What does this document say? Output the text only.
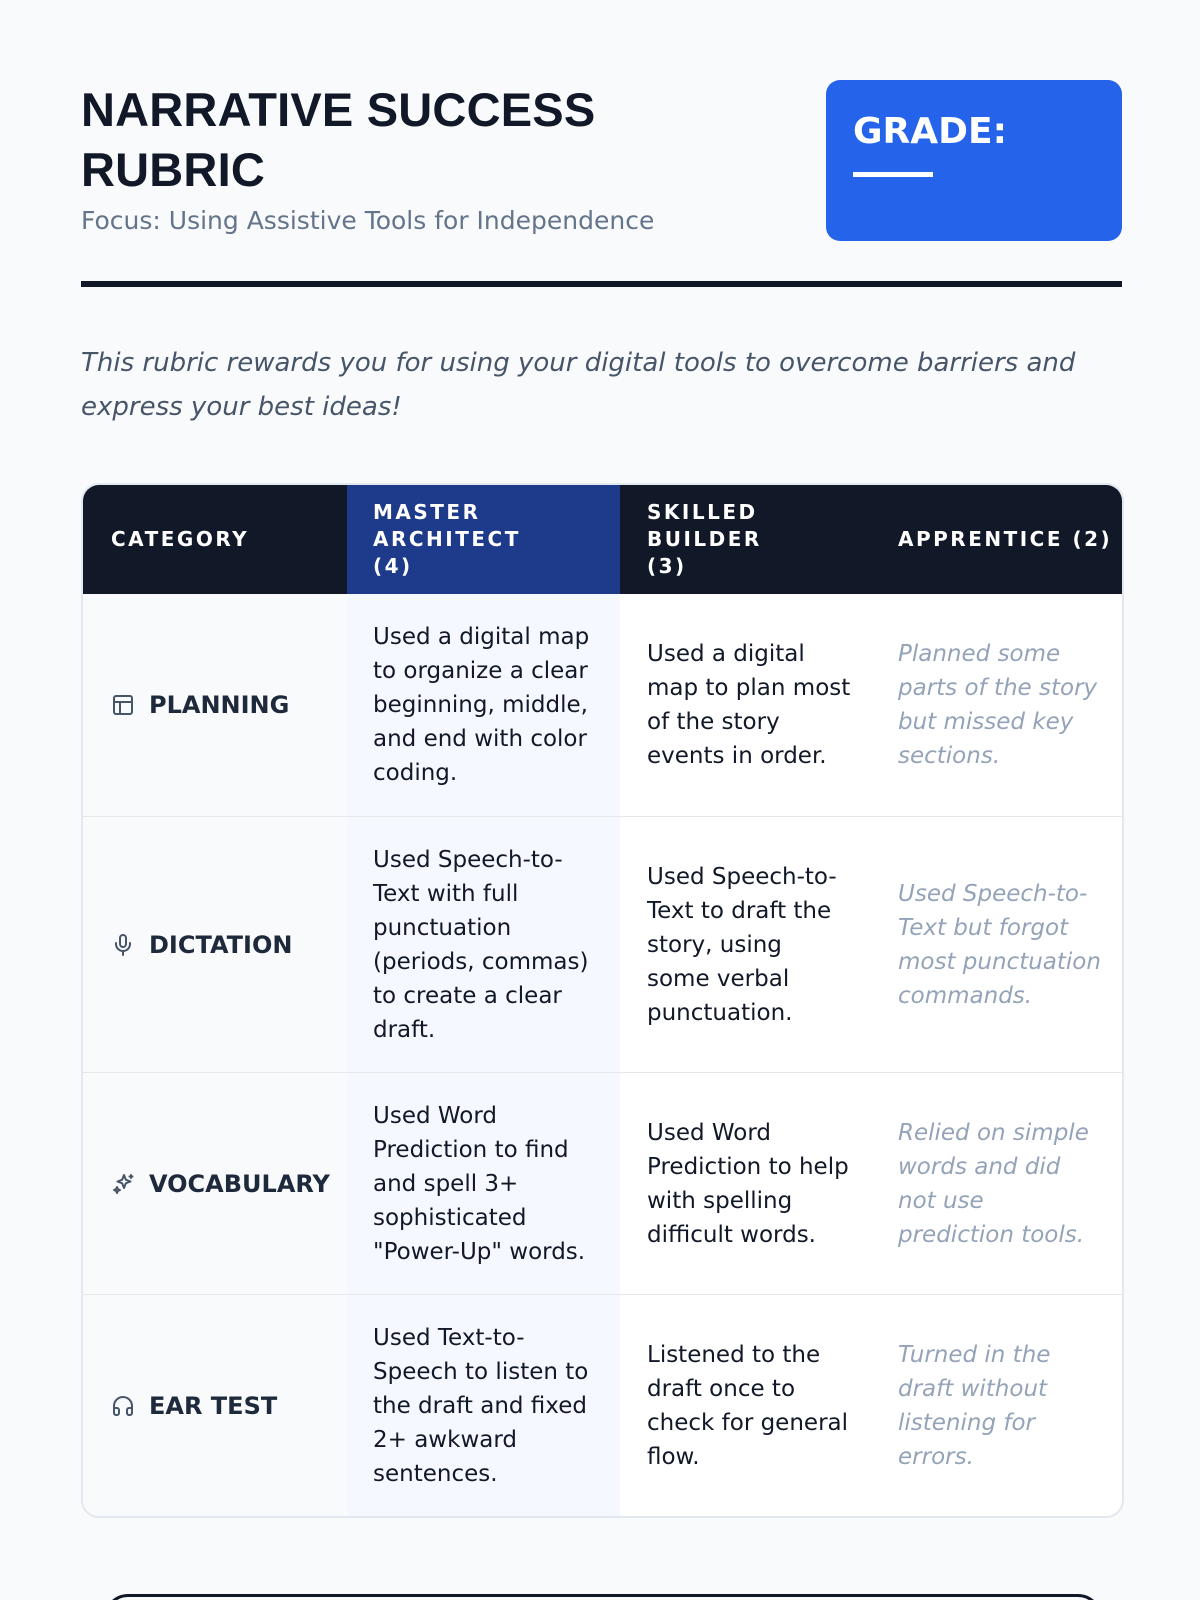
NARRATIVE SUCCESS RUBRIC
Focus: Using Assistive Tools for Independence
GRADE:

This rubric rewards you for using your digital tools to overcome barriers and express your best ideas!

CATEGORY
MASTER ARCHITECT (4)
SKILLED BUILDER (3)
APPRENTICE (2)
PLANNING
Used a digital map to organize a clear beginning, middle, and end with color coding.
Used a digital map to plan most of the story events in order.
Planned some parts of the story but missed key sections.
DICTATION
Used Speech-to-Text with full punctuation (periods, commas) to create a clear draft.
Used Speech-to-Text to draft the story, using some verbal punctuation.
Used Speech-to-Text but forgot most punctuation commands.
VOCABULARY
Used Word Prediction to find and spell 3+ sophisticated "Power-Up" words.
Used Word Prediction to help with spelling difficult words.
Relied on simple words and did not use prediction tools.
EAR TEST
Used Text-to-Speech to listen to the draft and fixed 2+ awkward sentences.
Listened to the draft once to check for general flow.
Turned in the draft without listening for errors.
